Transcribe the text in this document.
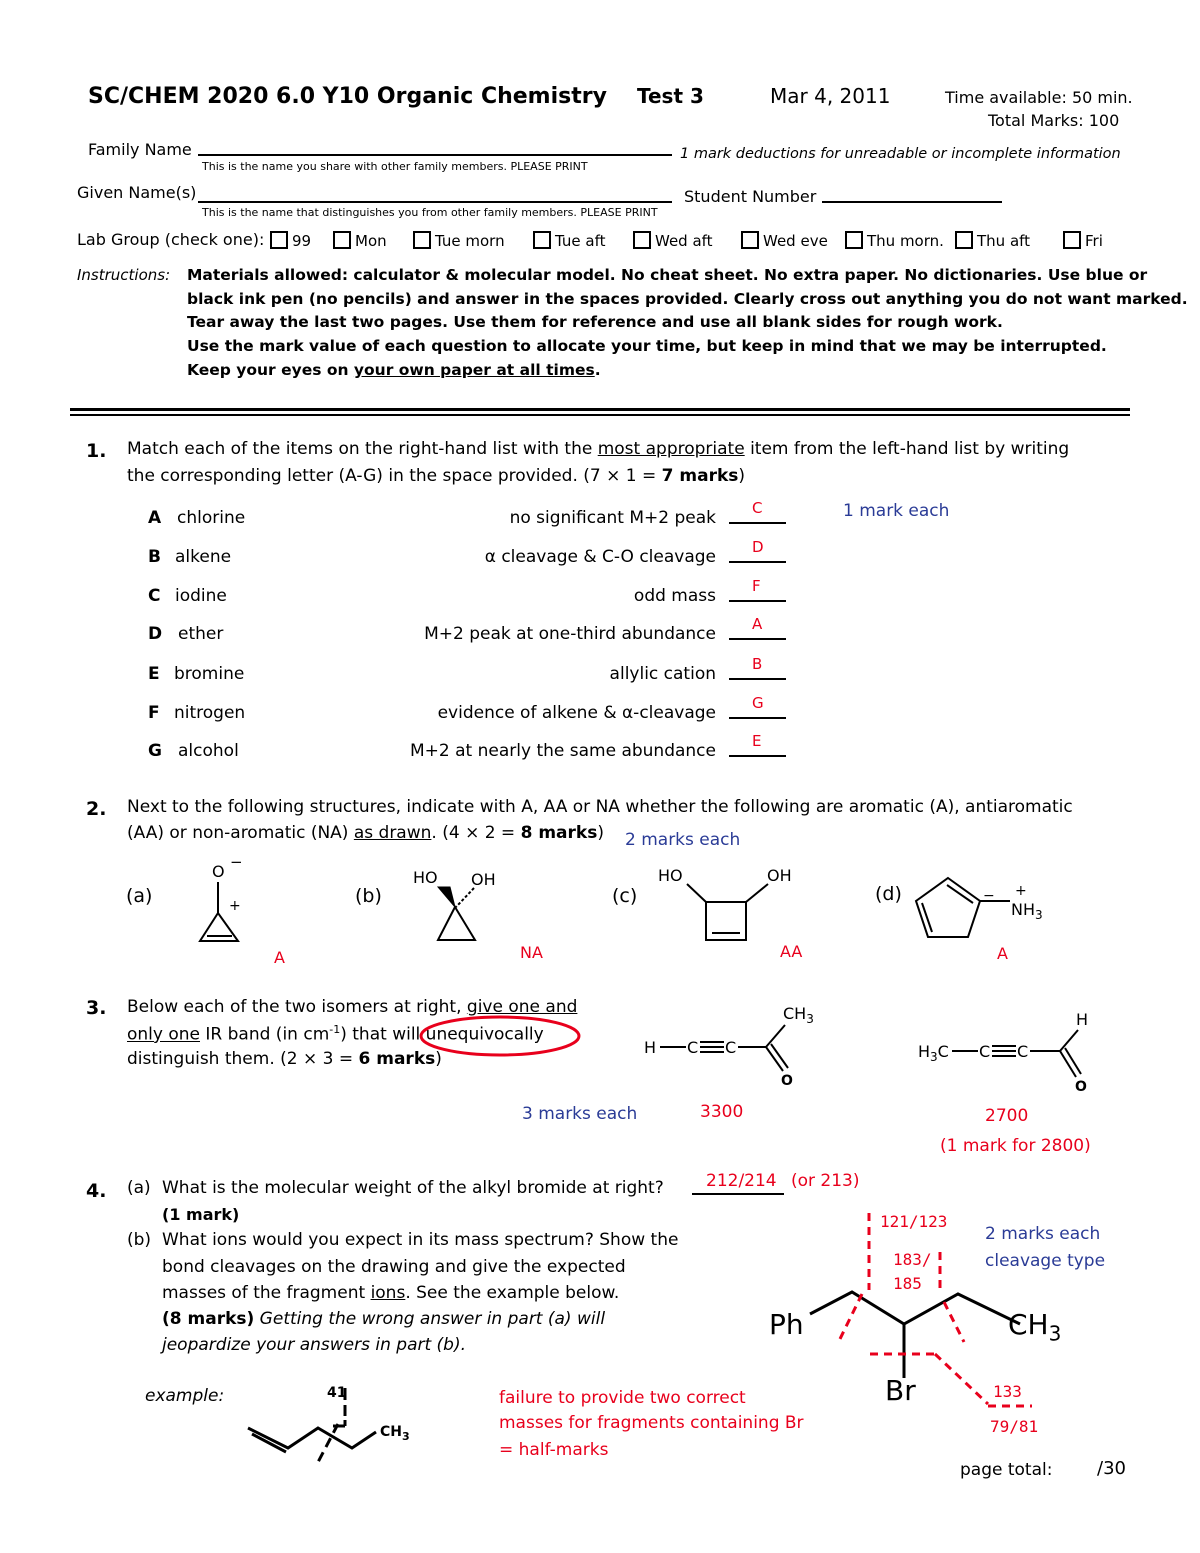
SC/CHEM 2020 6.0 Y10 Organic Chemistry Test 3	Mar 4, 2011	Time available: 50 min.
Total Marks: 100
Family Name
This is the name you share with other family members. PLEASE PRINT
1 mark deductions for unreadable or incomplete information
Given Name(s)
This is the name that distinguishes you from other family members. PLEASE PRINT
Student Number
Lab Group (check one):	99	Mon	Tue morn	Tue aft	Wed aft	Wed eve	Thu morn.	Thu aft	Fri
Instructions: Materials allowed: calculator & molecular model. No cheat sheet. No extra paper. No dictionaries. Use blue or
black ink pen (no pencils) and answer in the spaces provided. Clearly cross out anything you do not want marked.
Tear away the last two pages. Use them for reference and use all blank sides for rough work.
Use the mark value of each question to allocate your time, but keep in mind that we may be interrupted.
Keep your eyes on your own paper at all times.
1. Match each of the items on the right-hand list with the most appropriate item from the left-hand list by writing
the corresponding letter (A-G) in the space provided. (7 × 1 = 7 marks)
1 mark each
A chlorine	no significant M+2 peak C
B alkene	α cleavage & C-O cleavage D
C iodine	odd mass F
D ether	M+2 peak at one-third abundance A
E bromine	allylic cation B
F nitrogen	evidence of alkene & α-cleavage G
G alcohol	M+2 at nearly the same abundance E
2. Next to the following structures, indicate with A, AA or NA whether the following are aromatic (A), antiaromatic
(AA) or non-aromatic (NA) as drawn. (4 × 2 = 8 marks) 2 marks each
(a)	(b)	(c)	(d)
O −
+
A
HO OH
NA
HO	OH
AA
− +
$NH_3$
A
3. Below each of the two isomers at right, give one and
only one IR band (in $cm^{-1}$) that will unequivocally
distinguish them. (2 × 3 = 6 marks)
H C C
$CH_3$
O
H
$H_3C$ C C
O
3 marks each	3300	2700
(1 mark for 2800)
4. (a) What is the molecular weight of the alkyl bromide at right? 212/214 (or 213)
(1 mark)
(b) What ions would you expect in its mass spectrum? Show the
bond cleavages on the drawing and give the expected
masses of the fragment ions. See the example below.
(8 marks) Getting the wrong answer in part (a) will
jeopardize your answers in part (b).
example:	41
$CH_3$
failure to provide two correct
masses for fragments containing Br
= half-marks
Ph	$CH_3$
Br
121/123
183/
185
133
79/81
2 marks each
cleavage type
page total: /30
